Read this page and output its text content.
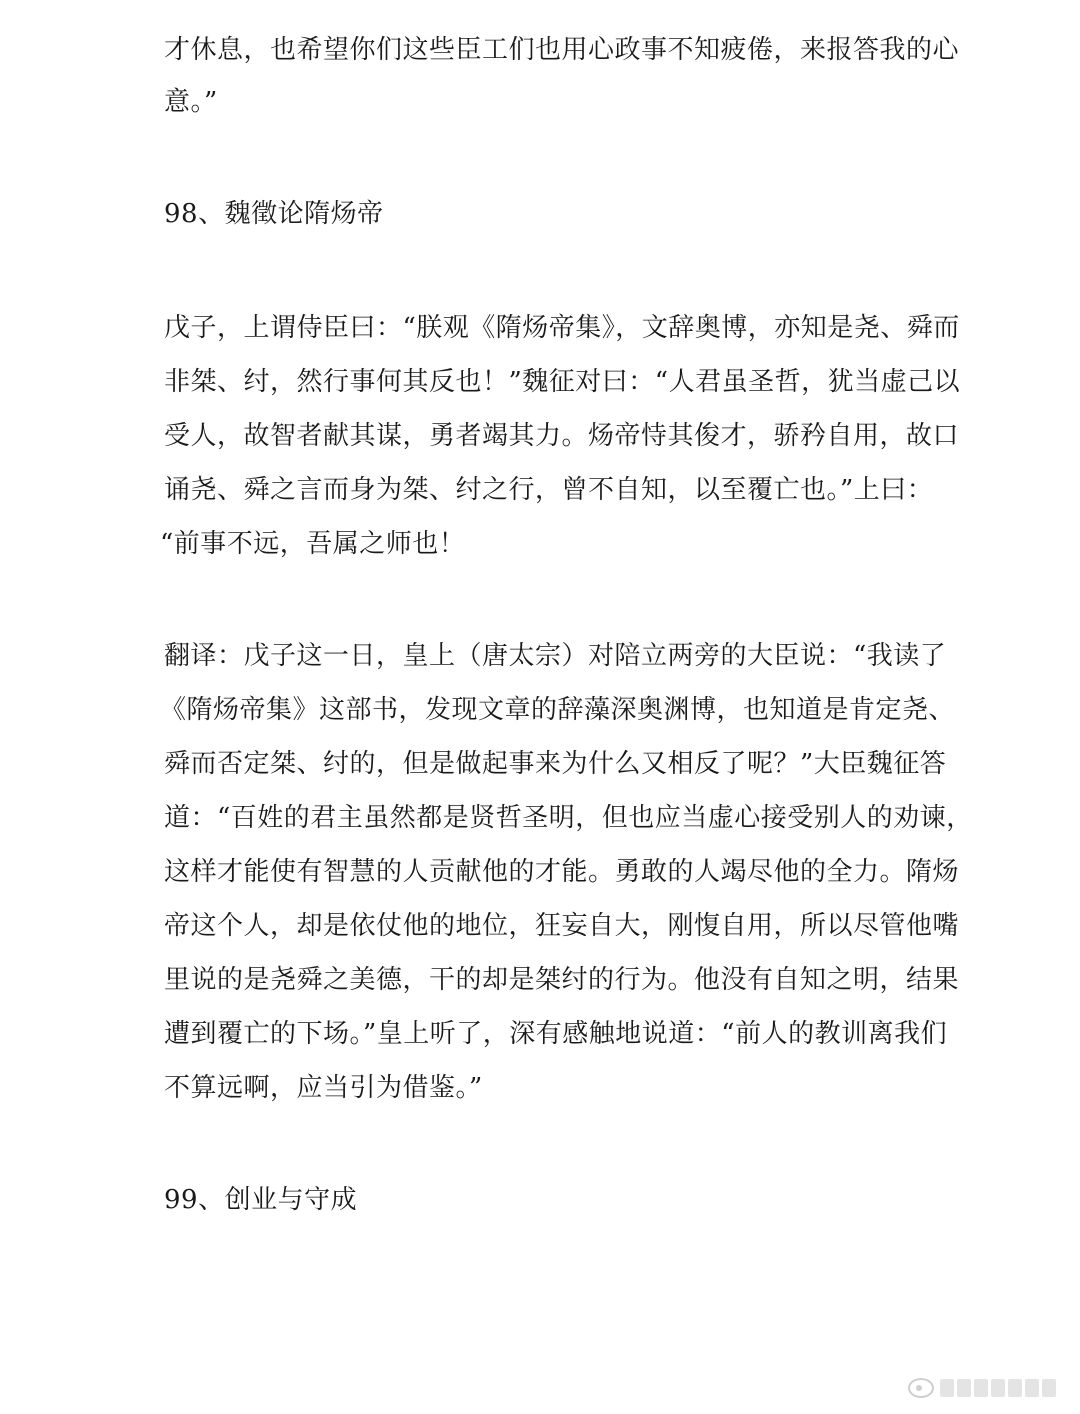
才休息，也希望你们这些臣工们也用心政事不知疲倦，来报答我的心
意。”
98、魏徵论隋炀帝
戊子，上谓侍臣曰：“朕观《隋炀帝集》，文辞奥博，亦知是尧、舜而
非桀、纣，然行事何其反也！”魏征对曰：“人君虽圣哲，犹当虚己以
受人，故智者献其谋，勇者竭其力。炀帝恃其俊才，骄矜自用，故口
诵尧、舜之言而身为桀、纣之行，曾不自知，以至覆亡也。”上曰：
“前事不远，吾属之师也！
翻译：戊子这一日，皇上（唐太宗）对陪立两旁的大臣说：“我读了
《隋炀帝集》这部书，发现文章的辞藻深奥渊博，也知道是肯定尧、
舜而否定桀、纣的，但是做起事来为什么又相反了呢？”大臣魏征答
道：“百姓的君主虽然都是贤哲圣明，但也应当虚心接受别人的劝谏，
这样才能使有智慧的人贡献他的才能。勇敢的人竭尽他的全力。隋炀
帝这个人，却是依仗他的地位，狂妄自大，刚愎自用，所以尽管他嘴
里说的是尧舜之美德，干的却是桀纣的行为。他没有自知之明，结果
遭到覆亡的下场。”皇上听了，深有感触地说道：“前人的教训离我们
不算远啊，应当引为借鉴。”
99、创业与守成
